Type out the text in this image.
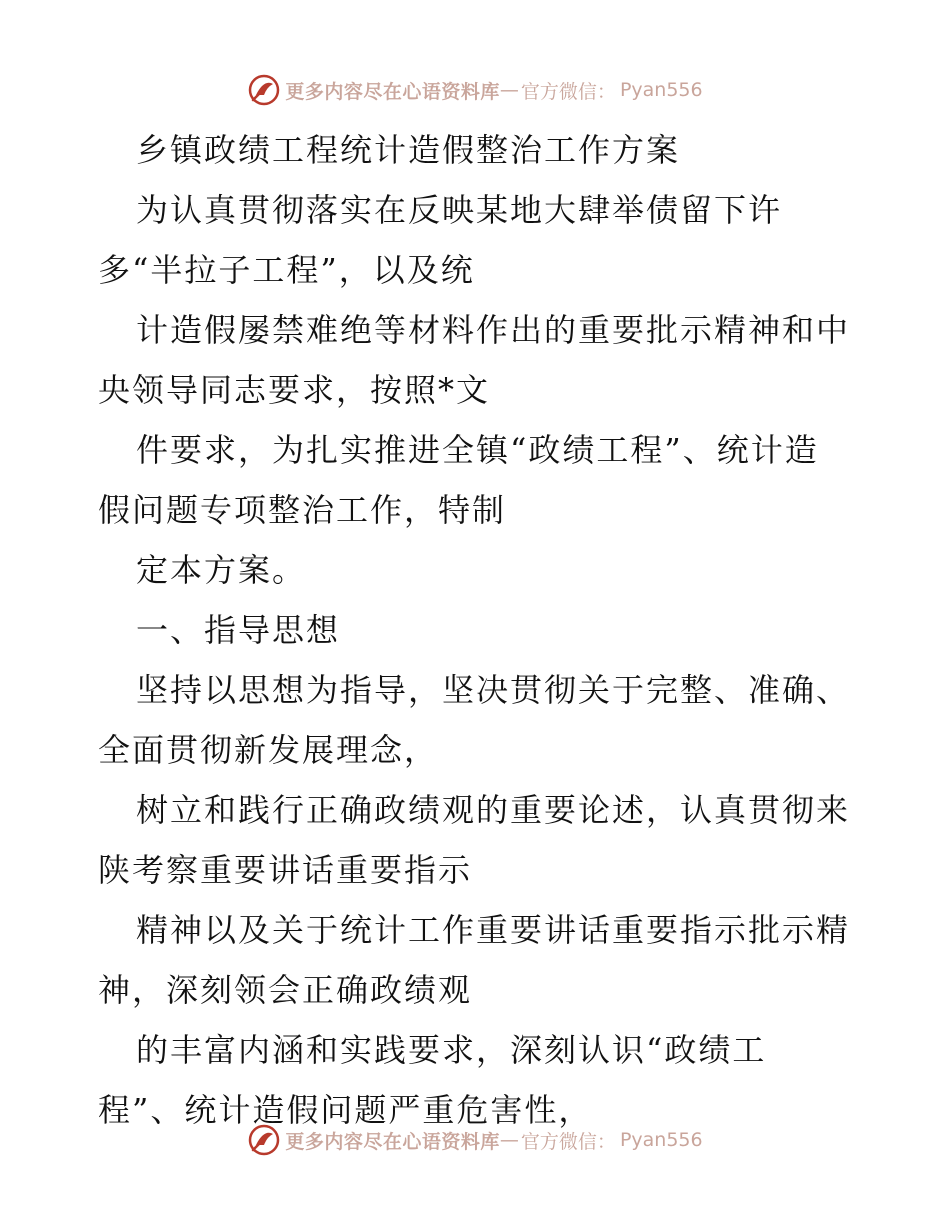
更多内容尽在心语资料库 — 官方微信： Pyan556
乡镇政绩工程统计造假整治工作方案
为认真贯彻落实在反映某地大肆举债留下许
多“半拉子工程”，以及统
计造假屡禁难绝等材料作出的重要批示精神和中
央领导同志要求，按照*文
件要求，为扎实推进全镇“政绩工程”、统计造
假问题专项整治工作，特制
定本方案。
一、指导思想
坚持以思想为指导，坚决贯彻关于完整、准确、
全面贯彻新发展理念，
树立和践行正确政绩观的重要论述，认真贯彻来
陕考察重要讲话重要指示
精神以及关于统计工作重要讲话重要指示批示精
神，深刻领会正确政绩观
的丰富内涵和实践要求，深刻认识“政绩工
程”、统计造假问题严重危害性，
更多内容尽在心语资料库 — 官方微信： Pyan556
